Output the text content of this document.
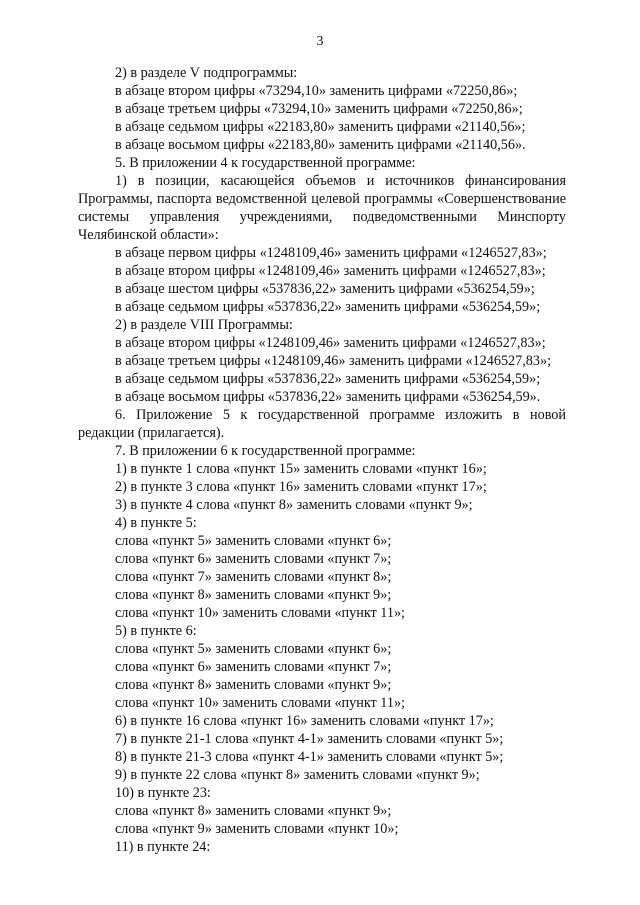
3
2) в разделе V подпрограммы:
в абзаце втором цифры «73294,10» заменить цифрами «72250,86»;
в абзаце третьем цифры «73294,10» заменить цифрами «72250,86»;
в абзаце седьмом цифры «22183,80» заменить цифрами «21140,56»;
в абзаце восьмом цифры «22183,80» заменить цифрами «21140,56».
5. В приложении 4 к государственной программе:
1) в позиции, касающейся объемов и источников финансирования
Программы, паспорта ведомственной целевой программы «Совершенствование
системы управления учреждениями, подведомственными Минспорту
Челябинской области»:
в абзаце первом цифры «1248109,46» заменить цифрами «1246527,83»;
в абзаце втором цифры «1248109,46» заменить цифрами «1246527,83»;
в абзаце шестом цифры «537836,22» заменить цифрами «536254,59»;
в абзаце седьмом цифры «537836,22» заменить цифрами «536254,59»;
2) в разделе VIII Программы:
в абзаце втором цифры «1248109,46» заменить цифрами «1246527,83»;
в абзаце третьем цифры «1248109,46» заменить цифрами «1246527,83»;
в абзаце седьмом цифры «537836,22» заменить цифрами «536254,59»;
в абзаце восьмом цифры «537836,22» заменить цифрами «536254,59».
6. Приложение 5 к государственной программе изложить в новой
редакции (прилагается).
7. В приложении 6 к государственной программе:
1) в пункте 1 слова «пункт 15» заменить словами «пункт 16»;
2) в пункте 3 слова «пункт 16» заменить словами «пункт 17»;
3) в пункте 4 слова «пункт 8» заменить словами «пункт 9»;
4) в пункте 5:
слова «пункт 5» заменить словами «пункт 6»;
слова «пункт 6» заменить словами «пункт 7»;
слова «пункт 7» заменить словами «пункт 8»;
слова «пункт 8» заменить словами «пункт 9»;
слова «пункт 10» заменить словами «пункт 11»;
5) в пункте 6:
слова «пункт 5» заменить словами «пункт 6»;
слова «пункт 6» заменить словами «пункт 7»;
слова «пункт 8» заменить словами «пункт 9»;
слова «пункт 10» заменить словами «пункт 11»;
6) в пункте 16 слова «пункт 16» заменить словами «пункт 17»;
7) в пункте 21-1 слова «пункт 4-1» заменить словами «пункт 5»;
8) в пункте 21-3 слова «пункт 4-1» заменить словами «пункт 5»;
9) в пункте 22 слова «пункт 8» заменить словами «пункт 9»;
10) в пункте 23:
слова «пункт 8» заменить словами «пункт 9»;
слова «пункт 9» заменить словами «пункт 10»;
11) в пункте 24:
